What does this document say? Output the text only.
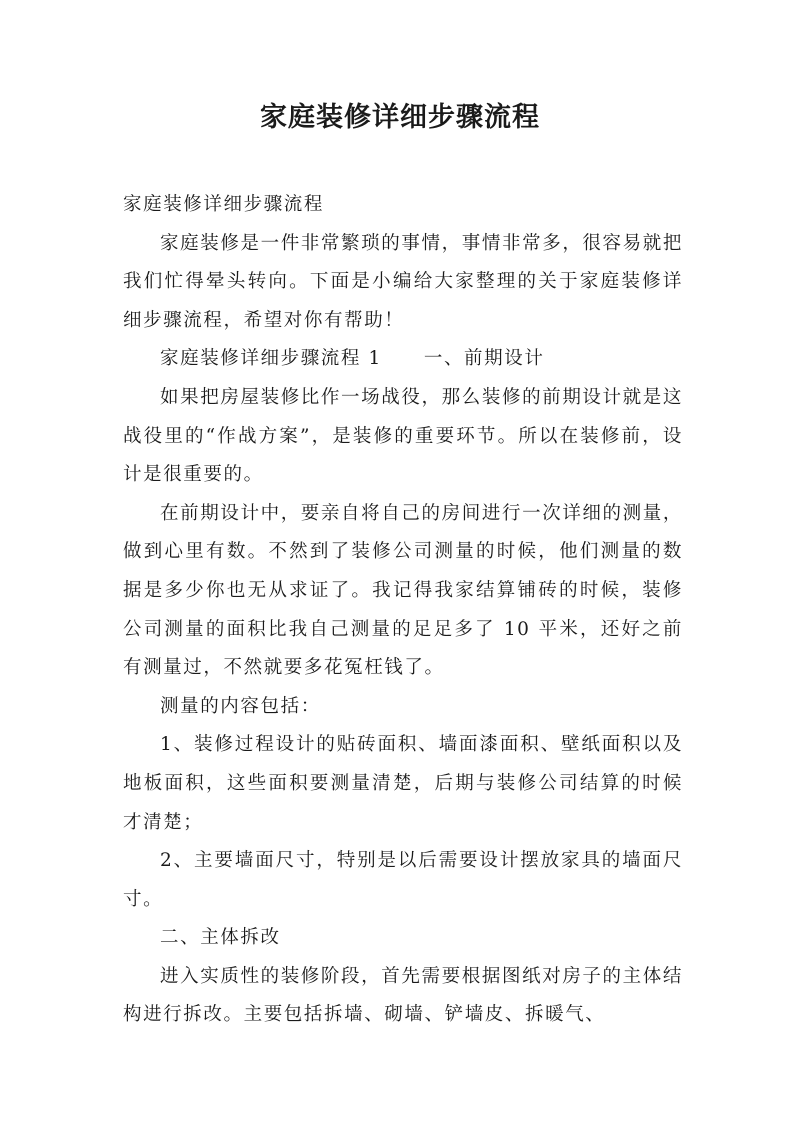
家庭装修详细步骤流程

家庭装修详细步骤流程

家庭装修是一件非常繁琐的事情，事情非常多，很容易就把我们忙得晕头转向。下面是小编给大家整理的关于家庭装修详细步骤流程，希望对你有帮助！

家庭装修详细步骤流程 1 一、前期设计

如果把房屋装修比作一场战役，那么装修的前期设计就是这战役里的“作战方案”，是装修的重要环节。所以在装修前，设计是很重要的。

在前期设计中，要亲自将自己的房间进行一次详细的测量，做到心里有数。不然到了装修公司测量的时候，他们测量的数据是多少你也无从求证了。我记得我家结算铺砖的时候，装修公司测量的面积比我自己测量的足足多了 10 平米，还好之前有测量过，不然就要多花冤枉钱了。

测量的内容包括：

1、装修过程设计的贴砖面积、墙面漆面积、壁纸面积以及地板面积，这些面积要测量清楚，后期与装修公司结算的时候才清楚；

2、主要墙面尺寸，特别是以后需要设计摆放家具的墙面尺寸。

二、主体拆改

进入实质性的装修阶段，首先需要根据图纸对房子的主体结构进行拆改。主要包括拆墙、砌墙、铲墙皮、拆暖气、
